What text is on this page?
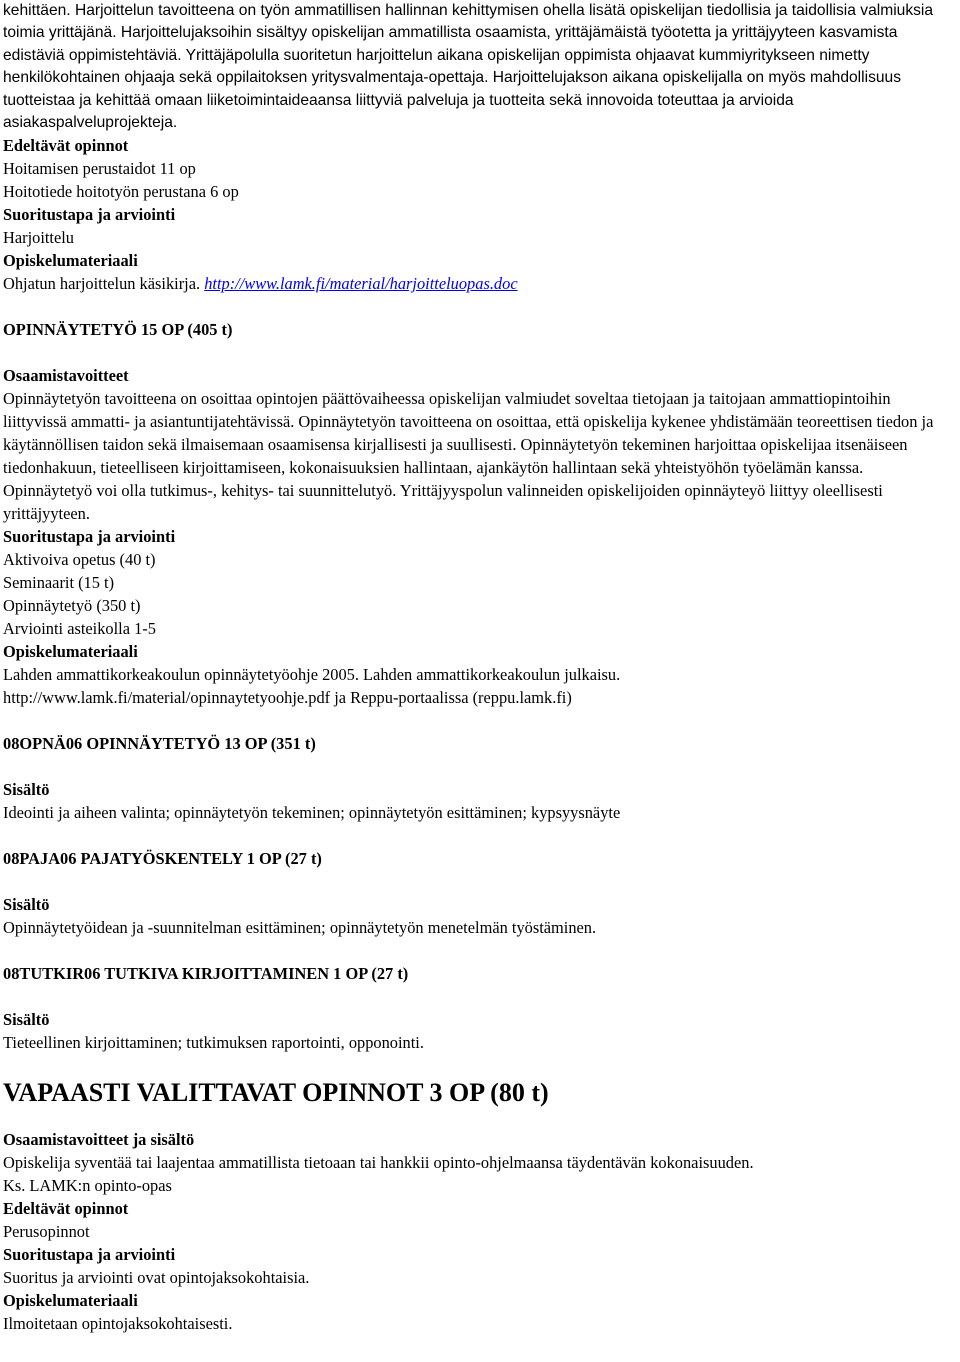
kehittäen. Harjoittelun tavoitteena on työn ammatillisen hallinnan kehittymisen ohella lisätä opiskelijan tiedollisia ja taidollisia valmiuksia toimia yrittäjänä. Harjoittelujaksoihin sisältyy opiskelijan ammatillista osaamista, yrittäjämäistä työotetta ja yrittäjyyteen kasvamista edistäviä oppimistehtäviä. Yrittäjäpolulla suoritetun harjoittelun aikana opiskelijan oppimista ohjaavat kummiyritykseen nimetty henkilökohtainen ohjaaja sekä oppilaitoksen yritysvalmentaja-opettaja. Harjoittelujakson aikana opiskelijalla on myös mahdollisuus tuotteistaa ja kehittää omaan liiketoimintaideaansa liittyviä palveluja ja tuotteita sekä innovoida toteuttaa ja arvioida asiakaspalveluprojekteja.
Edeltävät opinnot
Hoitamisen perustaidot 11 op
Hoitotiede hoitotyön perustana 6 op
Suoritustapa ja arviointi
Harjoittelu
Opiskelumateriaali
Ohjatun harjoittelun käsikirja. http://www.lamk.fi/material/harjoitteluopas.doc
OPINNÄYTETYÖ 15 OP (405 t)
Osaamistavoitteet
Opinnäytetyön tavoitteena on osoittaa opintojen päättövaiheessa opiskelijan valmiudet soveltaa tietojaan ja taitojaan ammattiopintoihin liittyvissä ammatti- ja asiantuntijatehtävissä. Opinnäytetyön tavoitteena on osoittaa, että opiskelija kykenee yhdistämään teoreettisen tiedon ja käytännöllisen taidon sekä ilmaisemaan osaamisensa kirjallisesti ja suullisesti. Opinnäytetyön tekeminen harjoittaa opiskelijaa itsenäiseen tiedonhakuun, tieteelliseen kirjoittamiseen, kokonaisuuksien hallintaan, ajankäytön hallintaan sekä yhteistyöhön työelämän kanssa.
Opinnäytetyö voi olla tutkimus-, kehitys- tai suunnittelutyö. Yrittäjyyspolun valinneiden opiskelijoiden opinnäyteyö liittyy oleellisesti yrittäjyyteen.
Suoritustapa ja arviointi
Aktivoiva opetus (40 t)
Seminaarit (15 t)
Opinnäytetyö (350 t)
Arviointi asteikolla 1-5
Opiskelumateriaali
Lahden ammattikorkeakoulun opinnäytetyöohje 2005. Lahden ammattikorkeakoulun julkaisu.
http://www.lamk.fi/material/opinnaytetyoohje.pdf ja Reppu-portaalissa (reppu.lamk.fi)
08OPNÄ06 OPINNÄYTETYÖ 13 OP (351 t)
Sisältö
Ideointi ja aiheen valinta; opinnäytetyön tekeminen; opinnäytetyön esittäminen; kypsyysnäyte
08PAJA06 PAJATYÖSKENTELY 1 OP (27 t)
Sisältö
Opinnäytetyöidean ja -suunnitelman esittäminen; opinnäytetyön menetelmän työstäminen.
08TUTKIR06 TUTKIVA KIRJOITTAMINEN 1 OP (27 t)
Sisältö
Tieteellinen kirjoittaminen; tutkimuksen raportointi, opponointi.
VAPAASTI VALITTAVAT OPINNOT 3 OP (80 t)
Osaamistavoitteet ja sisältö
Opiskelija syventää tai laajentaa ammatillista tietoaan tai hankkii opinto-ohjelmaansa täydentävän kokonaisuuden.
Ks. LAMK:n opinto-opas
Edeltävät opinnot
Perusopinnot
Suoritustapa ja arviointi
Suoritus ja arviointi ovat opintojaksokohtaisia.
Opiskelumateriaali
Ilmoitetaan opintojaksokohtaisesti.
